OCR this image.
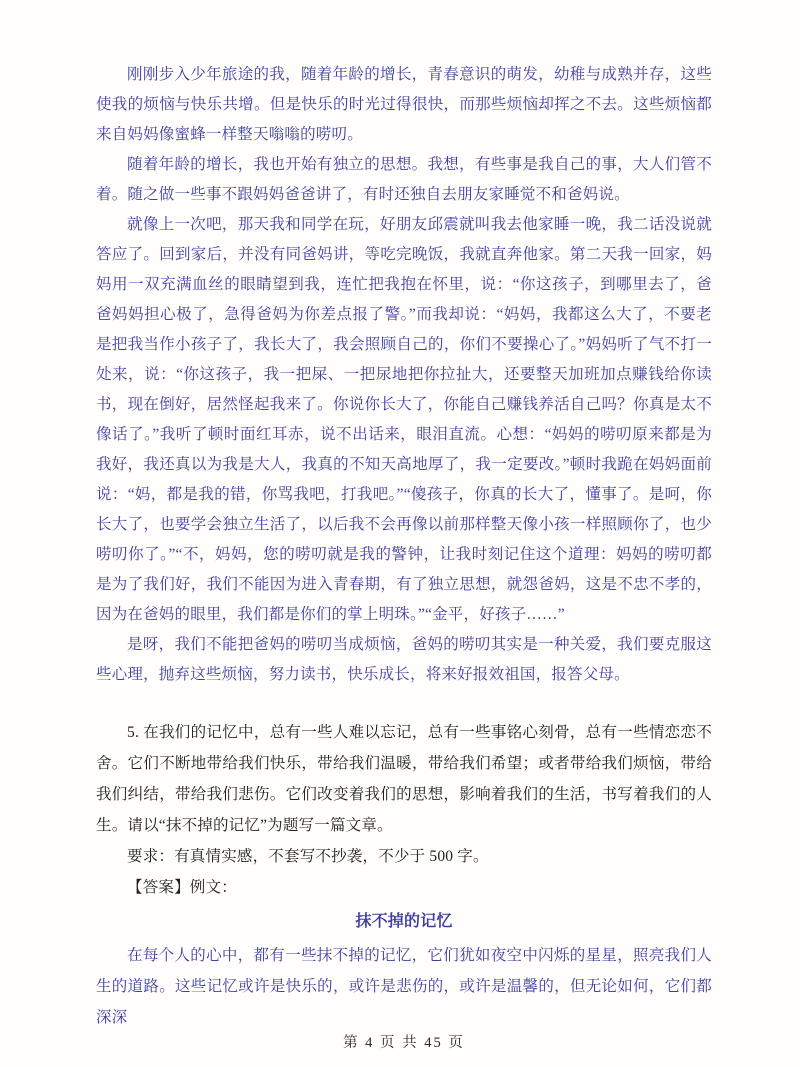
刚刚步入少年旅途的我，随着年龄的增长，青春意识的萌发，幼稚与成熟并存，这些使我的烦恼与快乐共增。但是快乐的时光过得很快，而那些烦恼却挥之不去。这些烦恼都来自妈妈像蜜蜂一样整天嗡嗡的唠叨。

随着年龄的增长，我也开始有独立的思想。我想，有些事是我自己的事，大人们管不着。随之做一些事不跟妈妈爸爸讲了，有时还独自去朋友家睡觉不和爸妈说。

就像上一次吧，那天我和同学在玩，好朋友邱震就叫我去他家睡一晚，我二话没说就答应了。回到家后，并没有同爸妈讲，等吃完晚饭，我就直奔他家。第二天我一回家，妈妈用一双充满血丝的眼睛望到我，连忙把我抱在怀里，说：“你这孩子，到哪里去了，爸爸妈妈担心极了，急得爸妈为你差点报了警。”而我却说：“妈妈，我都这么大了，不要老是把我当作小孩子了，我长大了，我会照顾自己的，你们不要操心了。”妈妈听了气不打一处来，说：“你这孩子，我一把屎、一把尿地把你拉扯大，还要整天加班加点赚钱给你读书，现在倒好，居然怪起我来了。你说你长大了，你能自己赚钱养活自己吗？你真是太不像话了。”我听了顿时面红耳赤，说不出话来，眼泪直流。心想：“妈妈的唠叨原来都是为我好，我还真以为我是大人，我真的不知天高地厚了，我一定要改。”顿时我跪在妈妈面前说：“妈，都是我的错，你骂我吧，打我吧。”“傻孩子，你真的长大了，懂事了。是呵，你长大了，也要学会独立生活了，以后我不会再像以前那样整天像小孩一样照顾你了，也少唠叨你了。”“不，妈妈，您的唠叨就是我的警钟，让我时刻记住这个道理：妈妈的唠叨都是为了我们好，我们不能因为进入青春期，有了独立思想，就怨爸妈，这是不忠不孝的，因为在爸妈的眼里，我们都是你们的掌上明珠。”“金平，好孩子……”

是呀，我们不能把爸妈的唠叨当成烦恼，爸妈的唠叨其实是一种关爱，我们要克服这些心理，抛弃这些烦恼，努力读书，快乐成长，将来好报效祖国，报答父母。

5. 在我们的记忆中，总有一些人难以忘记，总有一些事铭心刻骨，总有一些情恋恋不舍。它们不断地带给我们快乐，带给我们温暖，带给我们希望；或者带给我们烦恼，带给我们纠结，带给我们悲伤。它们改变着我们的思想，影响着我们的生活，书写着我们的人生。请以“抹不掉的记忆”为题写一篇文章。

要求：有真情实感，不套写不抄袭，不少于 500 字。

【答案】例文：

抹不掉的记忆

在每个人的心中，都有一些抹不掉的记忆，它们犹如夜空中闪烁的星星，照亮我们人生的道路。这些记忆或许是快乐的，或许是悲伤的，或许是温馨的，但无论如何，它们都深深

第 4 页 共 45 页
